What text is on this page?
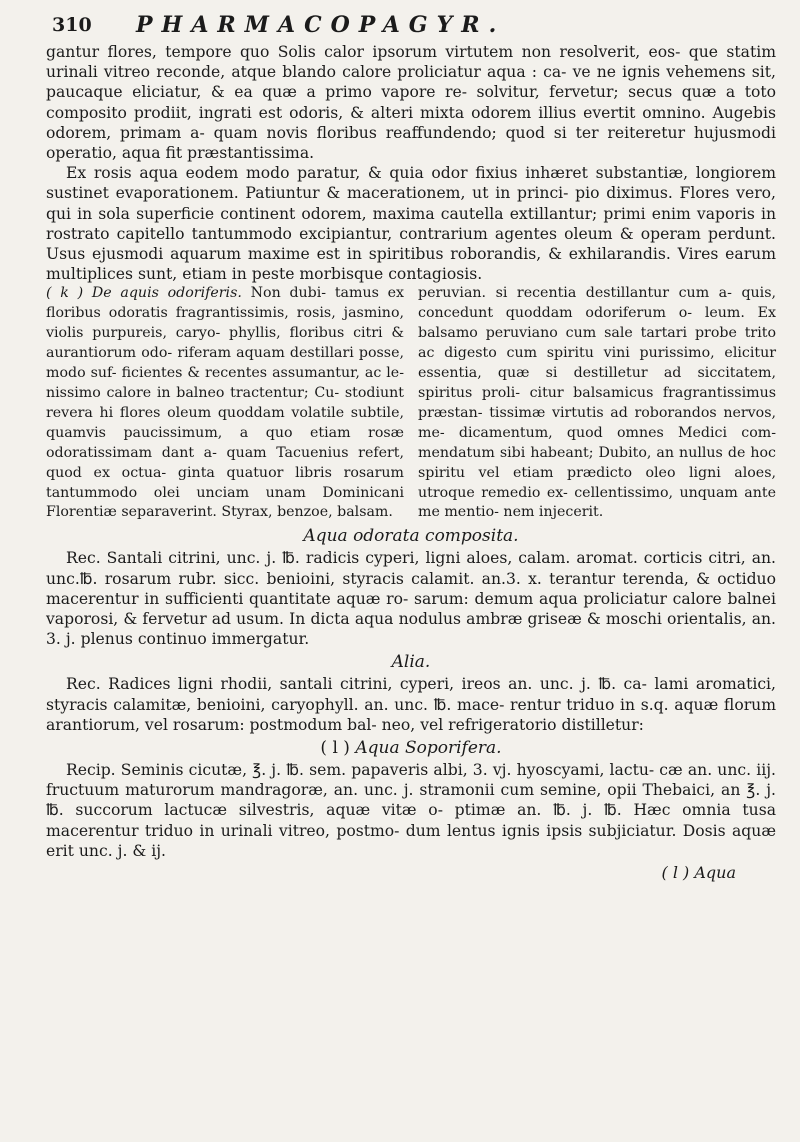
310 PHARMACOPAGYR.

gantur flores, tempore quo Solis calor ipsorum virtutem non resolverit, eos- que statim urinali vitreo reconde, atque blando calore proliciatur aqua : ca- ve ne ignis vehemens sit, paucaque eliciatur, & ea quæ a primo vapore re- solvitur, fervetur; secus quæ a toto composito prodiit, ingrati est odoris, & alteri mixta odorem illius evertit omnino. Augebis odorem, primam a- quam novis floribus reaffundendo; quod si ter reiteretur hujusmodi operatio, aqua fit præstantissima.

Ex rosis aqua eodem modo paratur, & quia odor fixius inhæret substantiæ, longiorem sustinet evaporationem. Patiuntur & macerationem, ut in princi- pio diximus. Flores vero, qui in sola superficie continent odorem, maxima cautella extillantur; primi enim vaporis in rostrato capitello tantummodo excipiantur, contrarium agentes oleum & operam perdunt. Usus ejusmodi aquarum maxime est in spiritibus roborandis, & exhilarandis. Vires earum multiplices sunt, etiam in peste morbisque contagiosis.

( k ) De aquis odoriferis. Non dubi- tamus ex floribus odoratis fragrantissimis, rosis, jasmino, violis purpureis, caryo- phyllis, floribus citri & aurantiorum odo- riferam aquam destillari posse, modo suf- ficientes & recentes assumantur, ac le- nissimo calore in balneo tractentur; Cu- stodiunt revera hi flores oleum quoddam volatile subtile, quamvis paucissimum, a quo etiam rosæ odoratissimam dant a- quam Tacuenius refert, quod ex octua- ginta quatuor libris rosarum tantummodo olei unciam unam Dominicani Florentiæ separaverint. Styrax, benzoe, balsam.

peruvian. si recentia destillantur cum a- quis, concedunt quoddam odoriferum o- leum. Ex balsamo peruviano cum sale tartari probe trito ac digesto cum spiritu vini purissimo, elicitur essentia, quæ si destilletur ad siccitatem, spiritus proli- citur balsamicus fragrantissimus præstan- tissimæ virtutis ad roborandos nervos, me- dicamentum, quod omnes Medici com- mendatum sibi habeant; Dubito, an nullus de hoc spiritu vel etiam prædicto oleo ligni aloes, utroque remedio ex- cellentissimo, unquam ante me mentio- nem injecerit.

Aqua odorata composita.

Rec. Santali citrini, unc. j. ℔. radicis cyperi, ligni aloes, calam. aromat. corticis citri, an. unc.℔. rosarum rubr. sicc. benioini, styracis calamit. an.3. x. terantur terenda, & octiduo macerentur in sufficienti quantitate aquæ ro- sarum: demum aqua proliciatur calore balnei vaporosi, & fervetur ad usum. In dicta aqua nodulus ambræ griseæ & moschi orientalis, an. 3. j. plenus continuo immergatur.

Alia.

Rec. Radices ligni rhodii, santali citrini, cyperi, ireos an. unc. j. ℔. ca- lami aromatici, styracis calamitæ, benioini, caryophyll. an. unc. ℔. mace- rentur triduo in s.q. aquæ florum arantiorum, vel rosarum: postmodum bal- neo, vel refrigeratorio distilletur:

( l ) Aqua Soporifera.

Recip. Seminis cicutæ, ℥. j. ℔. sem. papaveris albi, 3. vj. hyoscyami, lactu- cæ an. unc. iij. fructuum maturorum mandragoræ, an. unc. j. stramonii cum semine, opii Thebaici, an ℥. j. ℔. succorum lactucæ silvestris, aquæ vitæ o- ptimæ an. ℔. j. ℔. Hæc omnia tusa macerentur triduo in urinali vitreo, postmo- dum lentus ignis ipsis subjiciatur. Dosis aquæ erit unc. j. & ij.

( l ) Aqua
